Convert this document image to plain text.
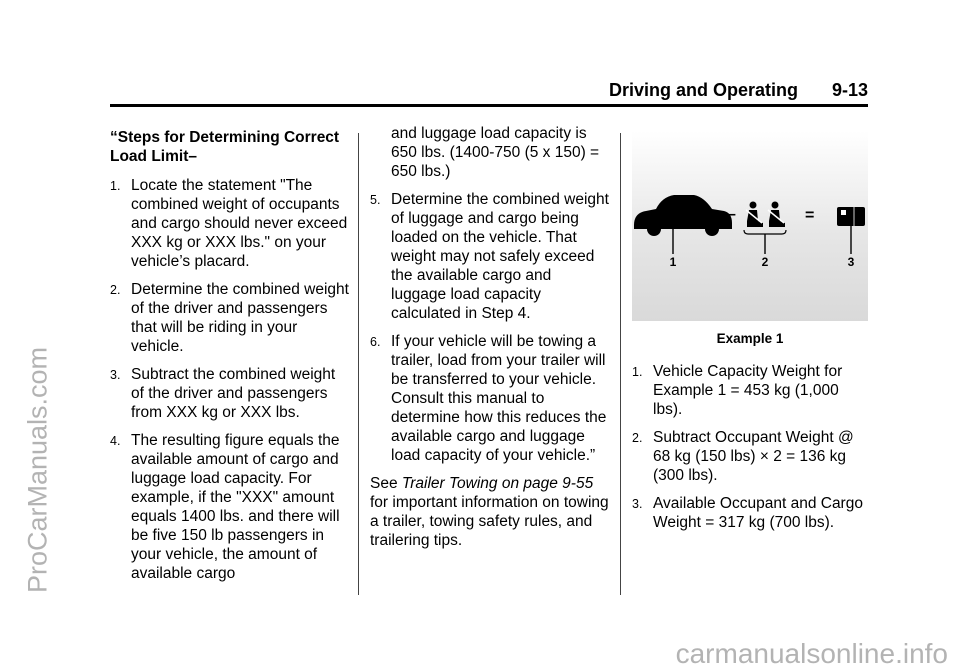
ProCarManuals.com
carmanualsonline.info
Driving and Operating 9-13

“Steps for Determining Correct Load Limit–

1. Locate the statement "The combined weight of occupants and cargo should never exceed XXX kg or XXX lbs." on your vehicle’s placard.
2. Determine the combined weight of the driver and passengers that will be riding in your vehicle.
3. Subtract the combined weight of the driver and passengers from XXX kg or XXX lbs.
4. The resulting figure equals the available amount of cargo and luggage load capacity. For example, if the "XXX" amount equals 1400 lbs. and there will be five 150 lb passengers in your vehicle, the amount of available cargo

and luggage load capacity is 650 lbs. (1400-750 (5 x 150) = 650 lbs.)

5. Determine the combined weight of luggage and cargo being loaded on the vehicle. That weight may not safely exceed the available cargo and luggage load capacity calculated in Step 4.
6. If your vehicle will be towing a trailer, load from your trailer will be transferred to your vehicle. Consult this manual to determine how this reduces the available cargo and luggage load capacity of your vehicle.”

See Trailer Towing on page 9-55 for important information on towing a trailer, towing safety rules, and trailering tips.

1
–
2
=
3
Example 1
1. Vehicle Capacity Weight for Example 1 = 453 kg (1,000 lbs).
2. Subtract Occupant Weight @ 68 kg (150 lbs) × 2 = 136 kg (300 lbs).
3. Available Occupant and Cargo Weight = 317 kg (700 lbs).
